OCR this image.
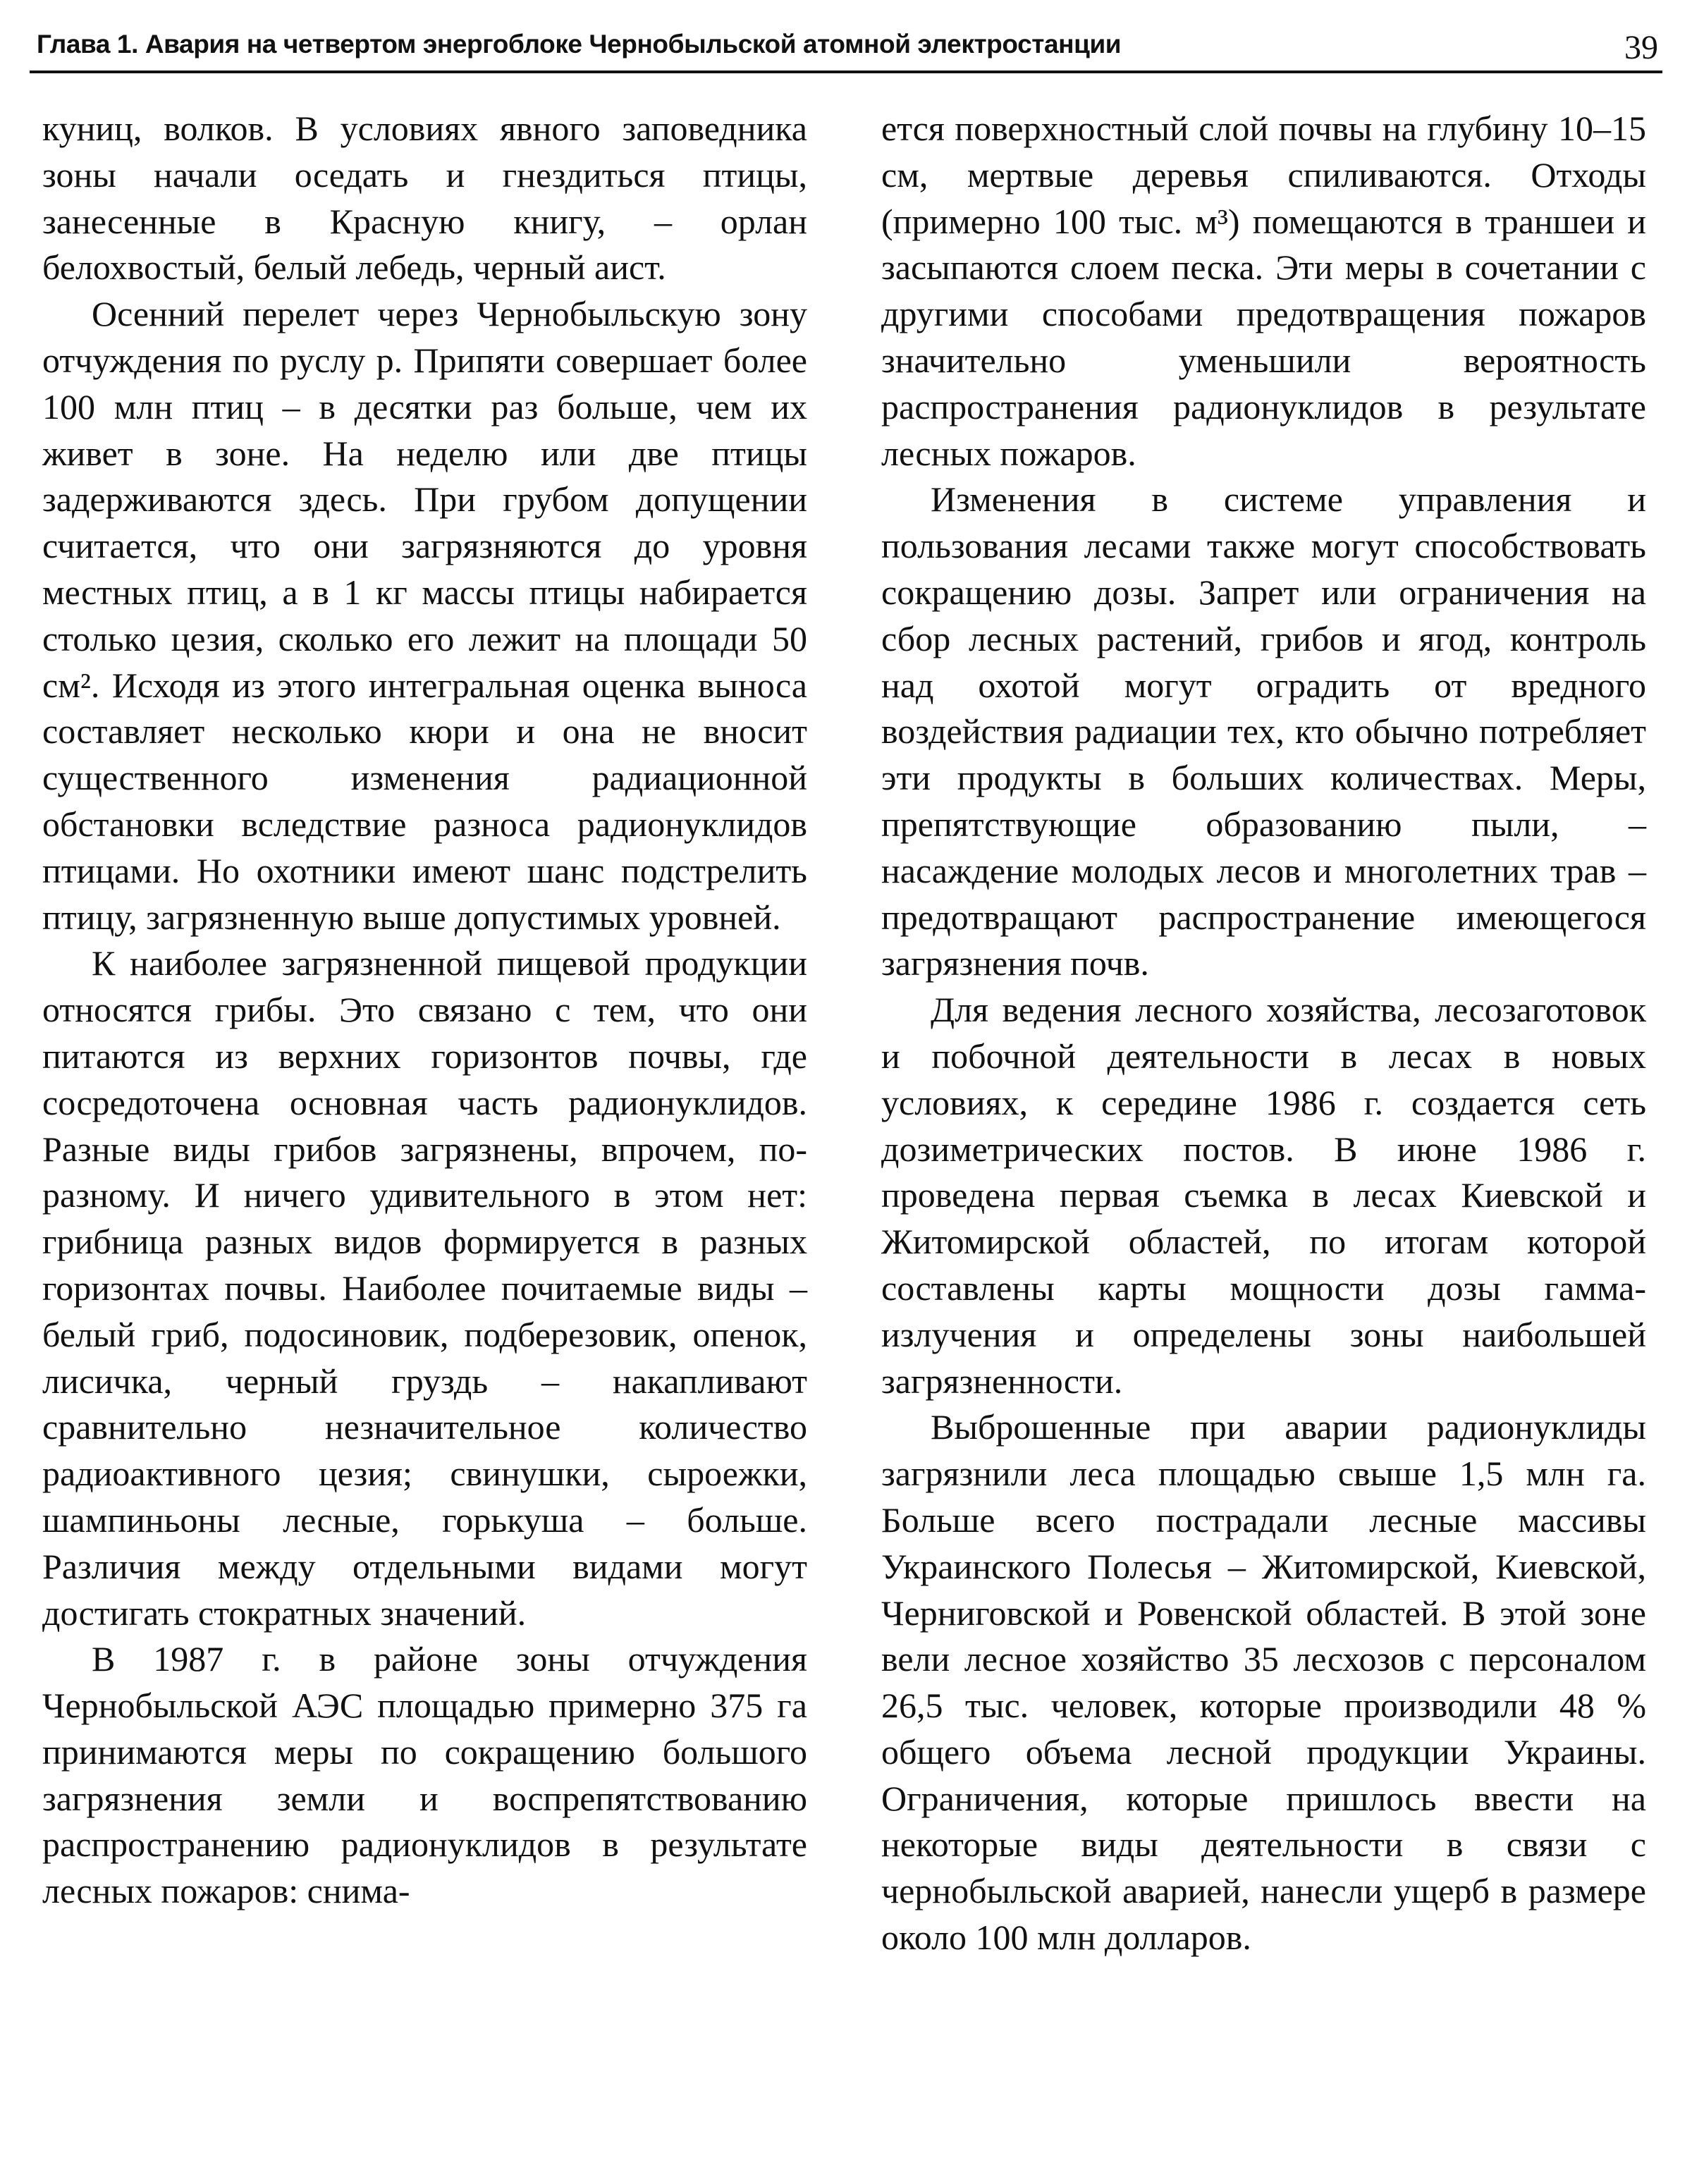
Глава 1. Авария на четвертом энергоблоке Чернобыльской атомной электростанции	39

куниц, волков. В условиях явного заповедника зоны начали оседать и гнездиться птицы, занесенные в Красную книгу, – орлан белохвостый, белый лебедь, черный аист.

Осенний перелет через Чернобыльскую зону отчуждения по руслу р. Припяти совершает более 100 млн птиц – в десятки раз больше, чем их живет в зоне. На неделю или две птицы задерживаются здесь. При грубом допущении считается, что они загрязняются до уровня местных птиц, а в 1 кг массы птицы набирается столько цезия, сколько его лежит на площади 50 см². Исходя из этого интегральная оценка выноса составляет несколько кюри и она не вносит существенного изменения радиационной обстановки вследствие разноса радионуклидов птицами. Но охотники имеют шанс подстрелить птицу, загрязненную выше допустимых уровней.

К наиболее загрязненной пищевой продукции относятся грибы. Это связано с тем, что они питаются из верхних горизонтов почвы, где сосредоточена основная часть радионуклидов. Разные виды грибов загрязнены, впрочем, по-разному. И ничего удивительного в этом нет: грибница разных видов формируется в разных горизонтах почвы. Наиболее почитаемые виды – белый гриб, подосиновик, подберезовик, опенок, лисичка, черный груздь – накапливают сравнительно незначительное количество радиоактивного цезия; свинушки, сыроежки, шампиньоны лесные, горькуша – больше. Различия между отдельными видами могут достигать стократных значений.

В 1987 г. в районе зоны отчуждения Чернобыльской АЭС площадью примерно 375 га принимаются меры по сокращению большого загрязнения земли и воспрепятствованию распространению радионуклидов в результате лесных пожаров: снима-

ется поверхностный слой почвы на глубину 10–15 см, мертвые деревья спиливаются. Отходы (примерно 100 тыс. м³) помещаются в траншеи и засыпаются слоем песка. Эти меры в сочетании с другими способами предотвращения пожаров значительно уменьшили вероятность распространения радионуклидов в результате лесных пожаров.

Изменения в системе управления и пользования лесами также могут способствовать сокращению дозы. Запрет или ограничения на сбор лесных растений, грибов и ягод, контроль над охотой могут оградить от вредного воздействия радиации тех, кто обычно потребляет эти продукты в больших количествах. Меры, препятствующие образованию пыли, – насаждение молодых лесов и многолетних трав – предотвращают распространение имеющегося загрязнения почв.

Для ведения лесного хозяйства, лесозаготовок и побочной деятельности в лесах в новых условиях, к середине 1986 г. создается сеть дозиметрических постов. В июне 1986 г. проведена первая съемка в лесах Киевской и Житомирской областей, по итогам которой составлены карты мощности дозы гамма-излучения и определены зоны наибольшей загрязненности.

Выброшенные при аварии радионуклиды загрязнили леса площадью свыше 1,5 млн га. Больше всего пострадали лесные массивы Украинского Полесья – Житомирской, Киевской, Черниговской и Ровенской областей. В этой зоне вели лесное хозяйство 35 лесхозов с персоналом 26,5 тыс. человек, которые производили 48 % общего объема лесной продукции Украины. Ограничения, которые пришлось ввести на некоторые виды деятельности в связи с чернобыльской аварией, нанесли ущерб в размере около 100 млн долларов.
